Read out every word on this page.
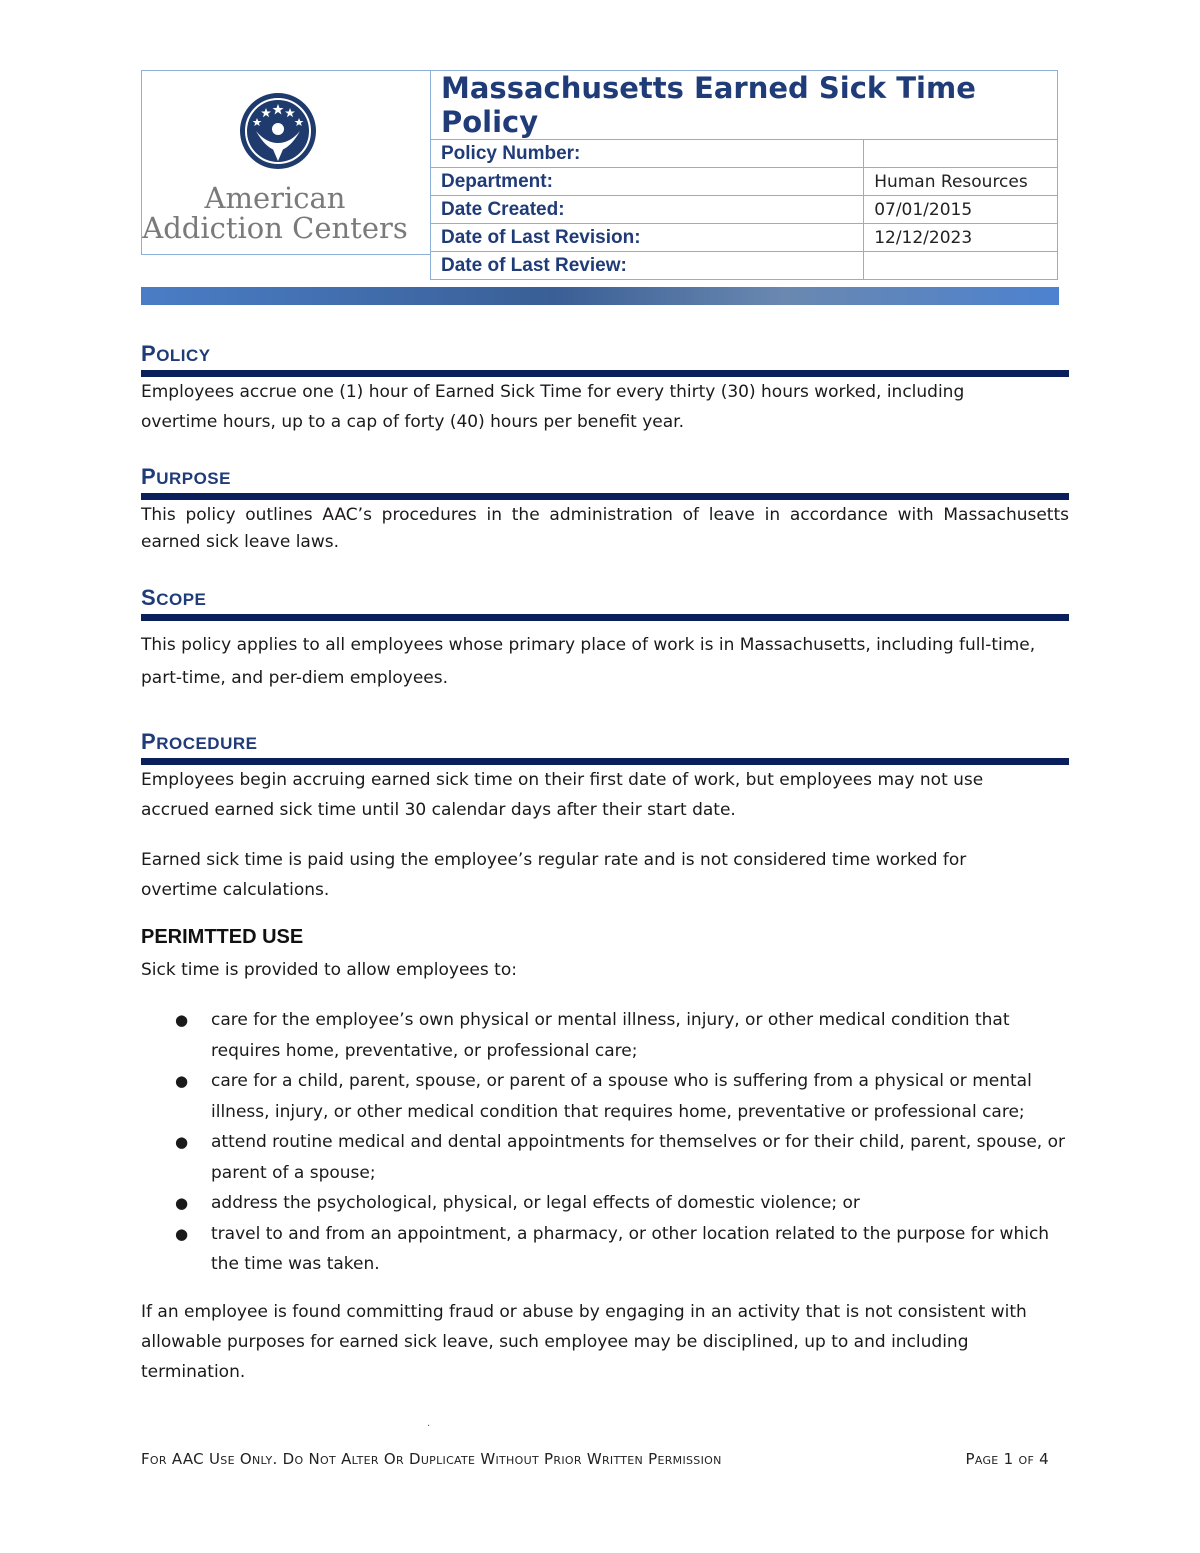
American
Addiction Centers
Massachusetts Earned Sick Time Policy	
Policy Number:	
Department:	Human Resources
Date Created:	07/01/2015
Date of Last Revision:	12/12/2023
Date of Last Review:	
POLICY
Employees accrue one (1) hour of Earned Sick Time for every thirty (30) hours worked, including overtime hours, up to a cap of forty (40) hours per benefit year.
PURPOSE
This policy outlines AAC’s procedures in the administration of leave in accordance with Massachusetts earned sick leave laws.
SCOPE
This policy applies to all employees whose primary place of work is in Massachusetts, including full-time, part-time, and per-diem employees.
PROCEDURE
Employees begin accruing earned sick time on their first date of work, but employees may not use accrued earned sick time until 30 calendar days after their start date.
Earned sick time is paid using the employee’s regular rate and is not considered time worked for overtime calculations.
PERIMTTED USE
Sick time is provided to allow employees to:
● care for the employee’s own physical or mental illness, injury, or other medical condition that requires home, preventative, or professional care;
● care for a child, parent, spouse, or parent of a spouse who is suffering from a physical or mental illness, injury, or other medical condition that requires home, preventative or professional care;
● attend routine medical and dental appointments for themselves or for their child, parent, spouse, or parent of a spouse;
● address the psychological, physical, or legal effects of domestic violence; or
● travel to and from an appointment, a pharmacy, or other location related to the purpose for which the time was taken.
If an employee is found committing fraud or abuse by engaging in an activity that is not consistent with allowable purposes for earned sick leave, such employee may be disciplined, up to and including termination.
.
For AAC Use Only. Do Not Alter Or Duplicate Without Prior Written Permission	Page 1 of 4
